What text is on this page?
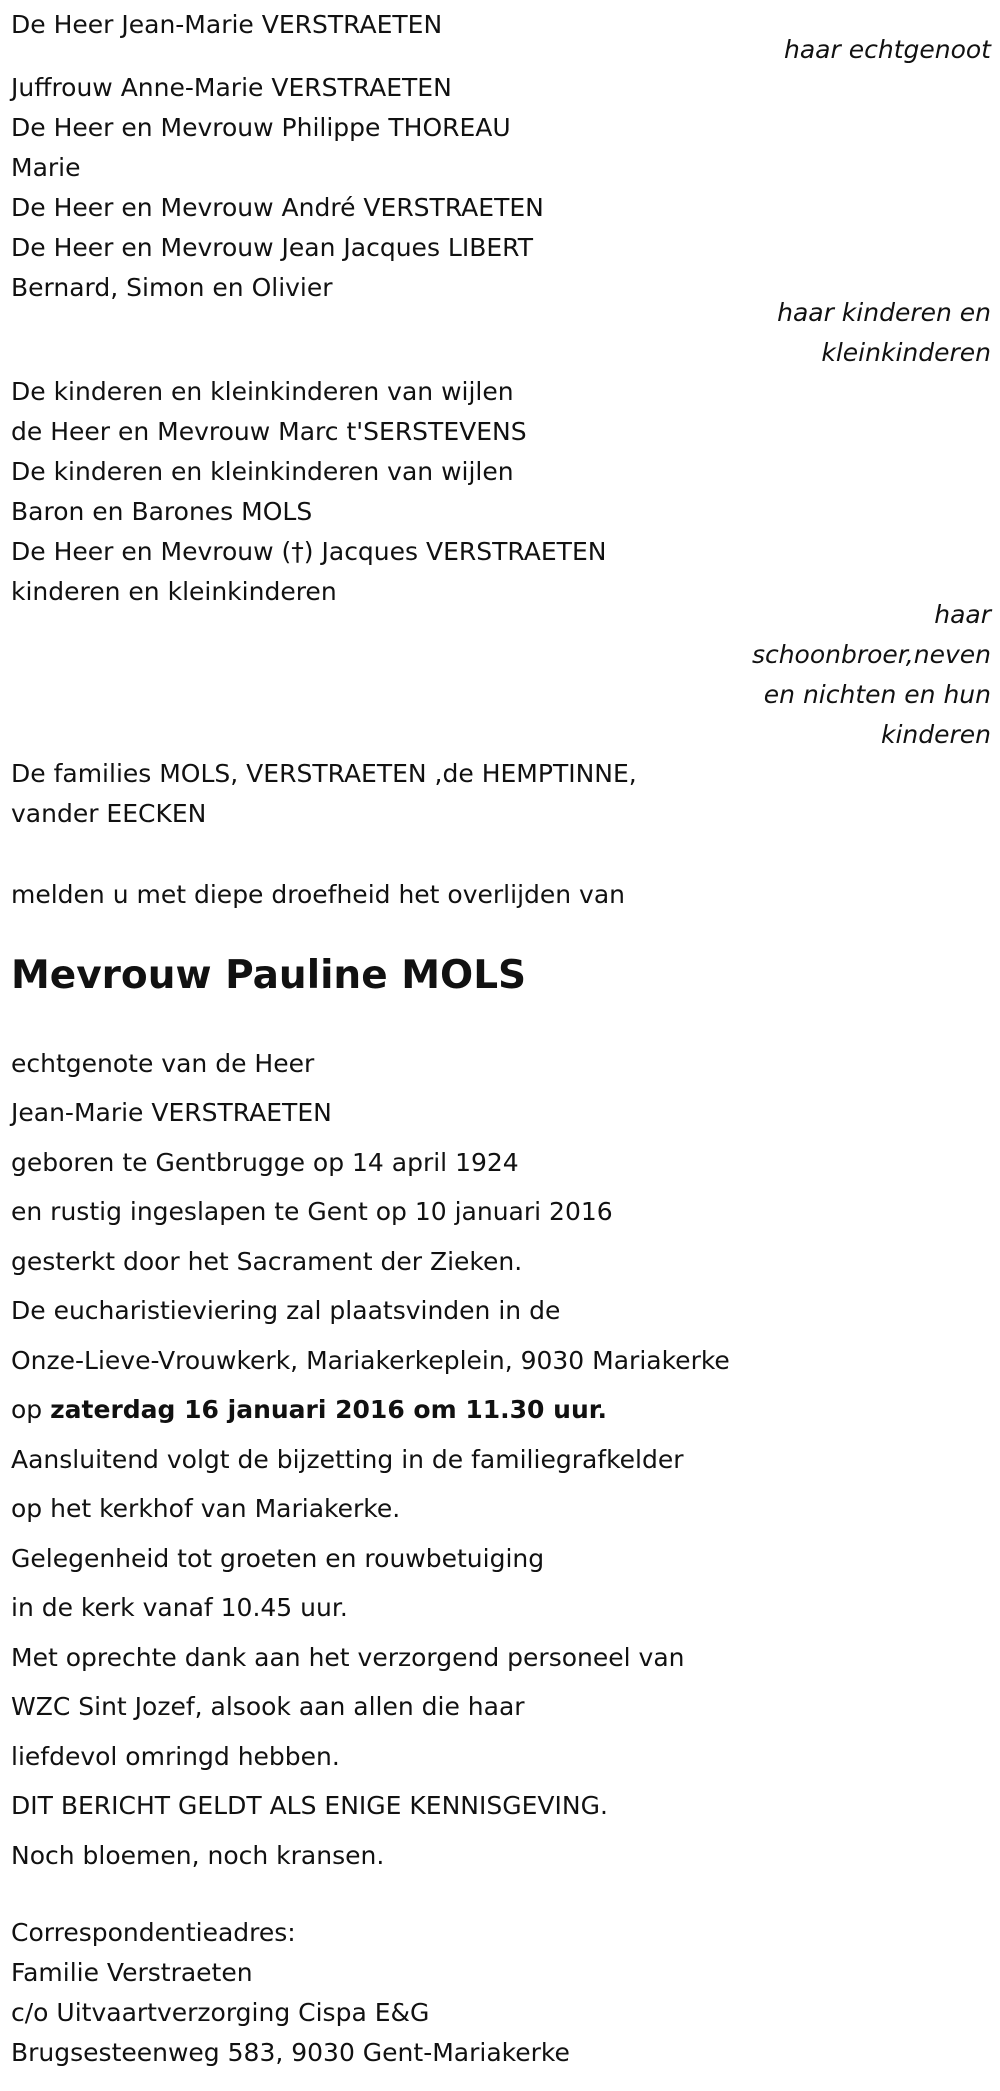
De Heer Jean-Marie VERSTRAETEN
haar echtgenoot
Juffrouw Anne-Marie VERSTRAETEN
De Heer en Mevrouw Philippe THOREAU
Marie
De Heer en Mevrouw André VERSTRAETEN
De Heer en Mevrouw Jean Jacques LIBERT
Bernard, Simon en Olivier
haar kinderen en
kleinkinderen
De kinderen en kleinkinderen van wijlen
de Heer en Mevrouw Marc t'SERSTEVENS
De kinderen en kleinkinderen van wijlen
Baron en Barones MOLS
De Heer en Mevrouw (†) Jacques VERSTRAETEN
kinderen en kleinkinderen
haar
schoonbroer,neven
en nichten en hun
kinderen
De families MOLS, VERSTRAETEN ,de HEMPTINNE,
vander EECKEN
melden u met diepe droefheid het overlijden van
Mevrouw Pauline MOLS
echtgenote van de Heer
Jean-Marie VERSTRAETEN
geboren te Gentbrugge op 14 april 1924
en rustig ingeslapen te Gent op 10 januari 2016
gesterkt door het Sacrament der Zieken.
De eucharistieviering zal plaatsvinden in de
Onze-Lieve-Vrouwkerk, Mariakerkeplein, 9030 Mariakerke
op zaterdag 16 januari 2016 om 11.30 uur.
Aansluitend volgt de bijzetting in de familiegrafkelder
op het kerkhof van Mariakerke.
Gelegenheid tot groeten en rouwbetuiging
in de kerk vanaf 10.45 uur.
Met oprechte dank aan het verzorgend personeel van
WZC Sint Jozef, alsook aan allen die haar
liefdevol omringd hebben.
DIT BERICHT GELDT ALS ENIGE KENNISGEVING.
Noch bloemen, noch kransen.
Correspondentieadres:
Familie Verstraeten
c/o Uitvaartverzorging Cispa E&G
Brugsesteenweg 583, 9030 Gent-Mariakerke
